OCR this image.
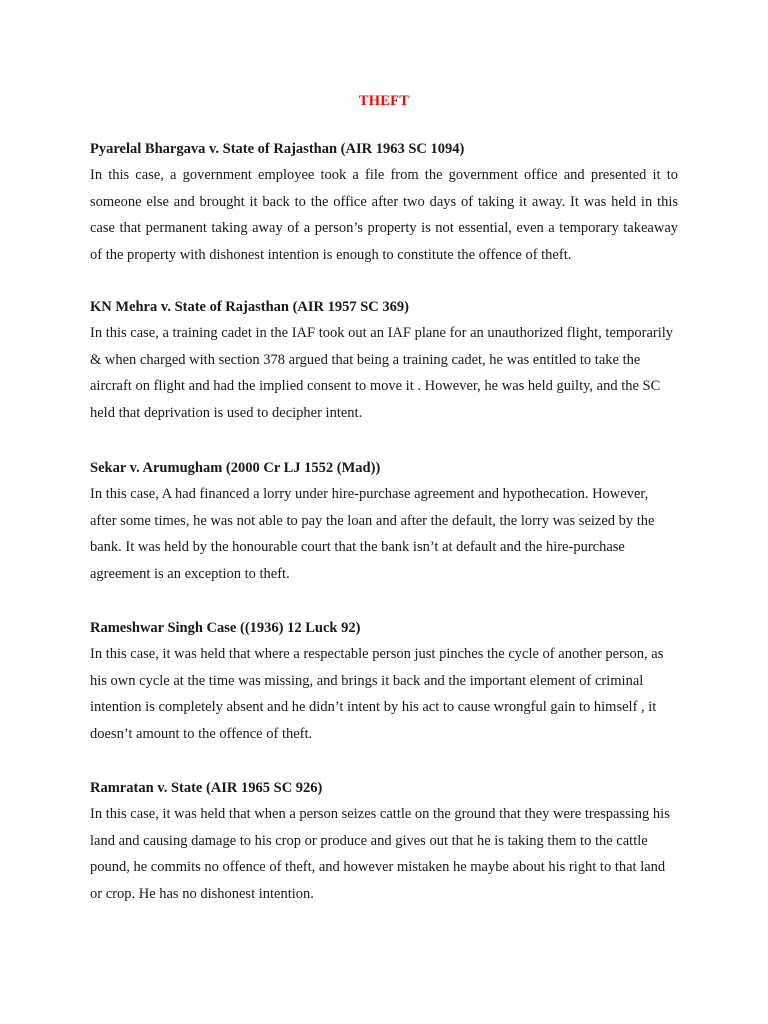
THEFT
Pyarelal Bhargava v. State of Rajasthan (AIR 1963 SC 1094)

In this case, a government employee took a file from the government office and presented it to someone else and brought it back to the office after two days of taking it away. It was held in this case that permanent taking away of a person’s property is not essential, even a temporary takeaway of the property with dishonest intention is enough to constitute the offence of theft.

KN Mehra v. State of Rajasthan (AIR 1957 SC 369)

In this case, a training cadet in the IAF took out an IAF plane for an unauthorized flight, temporarily & when charged with section 378 argued that being a training cadet, he was entitled to take the aircraft on flight and had the implied consent to move it . However, he was held guilty, and the SC held that deprivation is used to decipher intent.

Sekar v. Arumugham (2000 Cr LJ 1552 (Mad))

In this case, A had financed a lorry under hire-purchase agreement and hypothecation. However, after some times, he was not able to pay the loan and after the default, the lorry was seized by the bank. It was held by the honourable court that the bank isn’t at default and the hire-purchase agreement is an exception to theft.

Rameshwar Singh Case ((1936) 12 Luck 92)

In this case, it was held that where a respectable person just pinches the cycle of another person, as his own cycle at the time was missing, and brings it back and the important element of criminal intention is completely absent and he didn’t intent by his act to cause wrongful gain to himself , it doesn’t amount to the offence of theft.

Ramratan v. State (AIR 1965 SC 926)

In this case, it was held that when a person seizes cattle on the ground that they were trespassing his land and causing damage to his crop or produce and gives out that he is taking them to the cattle pound, he commits no offence of theft, and however mistaken he maybe about his right to that land or crop. He has no dishonest intention.
